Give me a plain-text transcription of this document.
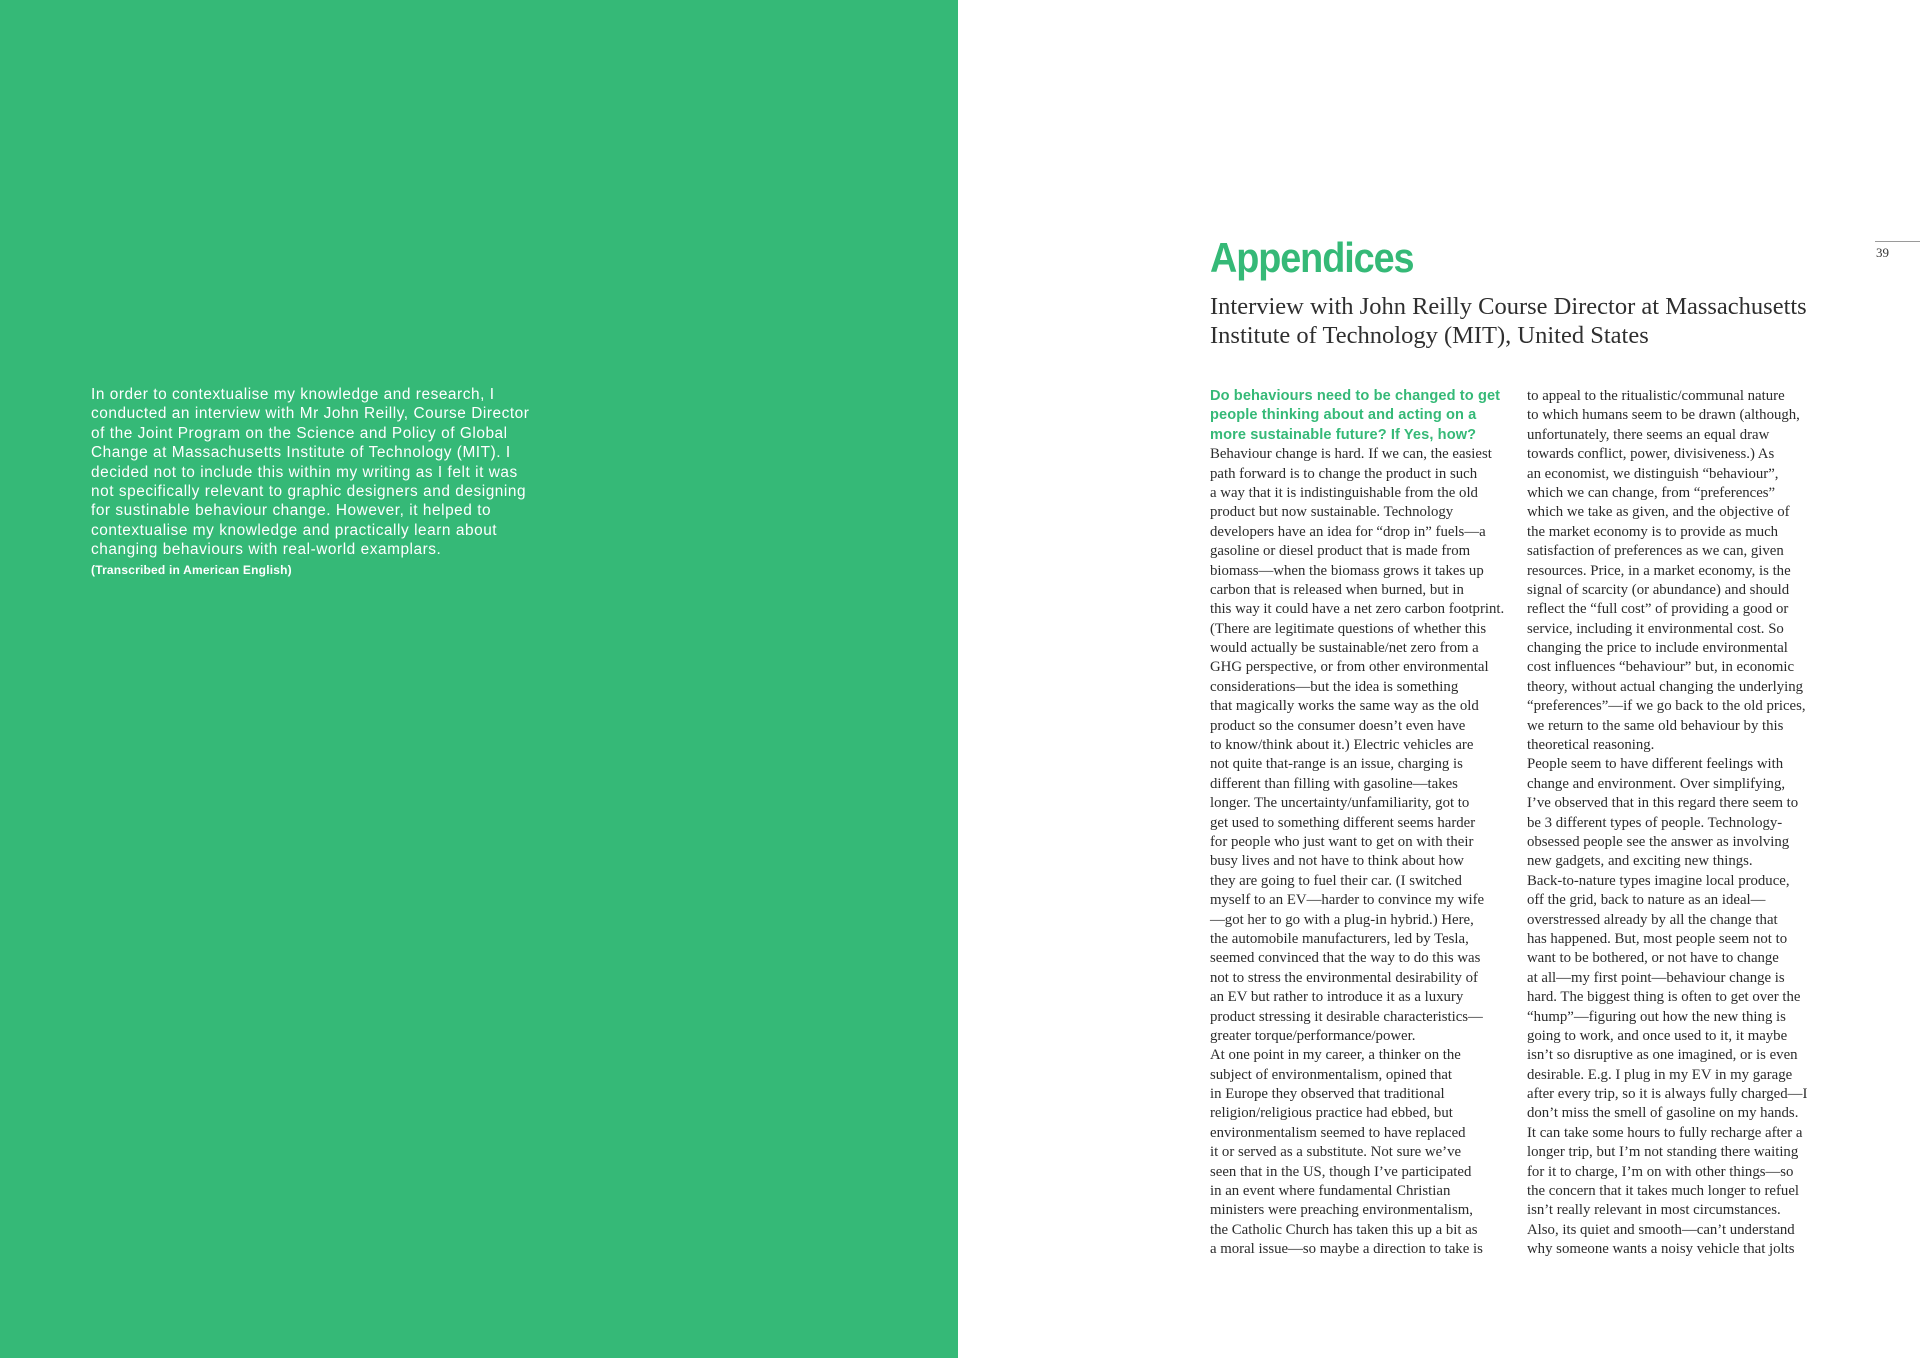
In order to contextualise my knowledge and research, I
conducted an interview with Mr John Reilly, Course Director
of the Joint Program on the Science and Policy of Global
Change at Massachusetts Institute of Technology (MIT). I
decided not to include this within my writing as I felt it was
not specifically relevant to graphic designers and designing
for sustinable behaviour change. However, it helped to
contextualise my knowledge and practically learn about
changing behaviours with real-world examplars.
(Transcribed in American English)
Appendices	39
Interview with John Reilly Course Director at Massachusetts
Institute of Technology (MIT), United States
Do behaviours need to be changed to get
people thinking about and acting on a
more sustainable future? If Yes, how?
Behaviour change is hard. If we can, the easiest
path forward is to change the product in such
a way that it is indistinguishable from the old
product but now sustainable. Technology
developers have an idea for “drop in” fuels—a
gasoline or diesel product that is made from
biomass—when the biomass grows it takes up
carbon that is released when burned, but in
this way it could have a net zero carbon footprint.
(There are legitimate questions of whether this
would actually be sustainable/net zero from a
GHG perspective, or from other environmental
considerations—but the idea is something
that magically works the same way as the old
product so the consumer doesn’t even have
to know/think about it.) Electric vehicles are
not quite that-range is an issue, charging is
different than filling with gasoline—takes
longer. The uncertainty/unfamiliarity, got to
get used to something different seems harder
for people who just want to get on with their
busy lives and not have to think about how
they are going to fuel their car. (I switched
myself to an EV—harder to convince my wife
—got her to go with a plug-in hybrid.) Here,
the automobile manufacturers, led by Tesla,
seemed convinced that the way to do this was
not to stress the environmental desirability of
an EV but rather to introduce it as a luxury
product stressing it desirable characteristics—
greater torque/performance/power.
At one point in my career, a thinker on the
subject of environmentalism, opined that
in Europe they observed that traditional
religion/religious practice had ebbed, but
environmentalism seemed to have replaced
it or served as a substitute. Not sure we’ve
seen that in the US, though I’ve participated
in an event where fundamental Christian
ministers were preaching environmentalism,
the Catholic Church has taken this up a bit as
a moral issue—so maybe a direction to take is
to appeal to the ritualistic/communal nature
to which humans seem to be drawn (although,
unfortunately, there seems an equal draw
towards conflict, power, divisiveness.) As
an economist, we distinguish “behaviour”,
which we can change, from “preferences”
which we take as given, and the objective of
the market economy is to provide as much
satisfaction of preferences as we can, given
resources. Price, in a market economy, is the
signal of scarcity (or abundance) and should
reflect the “full cost” of providing a good or
service, including it environmental cost. So
changing the price to include environmental
cost influences “behaviour” but, in economic
theory, without actual changing the underlying
“preferences”—if we go back to the old prices,
we return to the same old behaviour by this
theoretical reasoning.
People seem to have different feelings with
change and environment. Over simplifying,
I’ve observed that in this regard there seem to
be 3 different types of people. Technology-
obsessed people see the answer as involving
new gadgets, and exciting new things.
Back-to-nature types imagine local produce,
off the grid, back to nature as an ideal—
overstressed already by all the change that
has happened. But, most people seem not to
want to be bothered, or not have to change
at all—my first point—behaviour change is
hard. The biggest thing is often to get over the
“hump”—figuring out how the new thing is
going to work, and once used to it, it maybe
isn’t so disruptive as one imagined, or is even
desirable. E.g. I plug in my EV in my garage
after every trip, so it is always fully charged—I
don’t miss the smell of gasoline on my hands.
It can take some hours to fully recharge after a
longer trip, but I’m not standing there waiting
for it to charge, I’m on with other things—so
the concern that it takes much longer to refuel
isn’t really relevant in most circumstances.
Also, its quiet and smooth—can’t understand
why someone wants a noisy vehicle that jolts
